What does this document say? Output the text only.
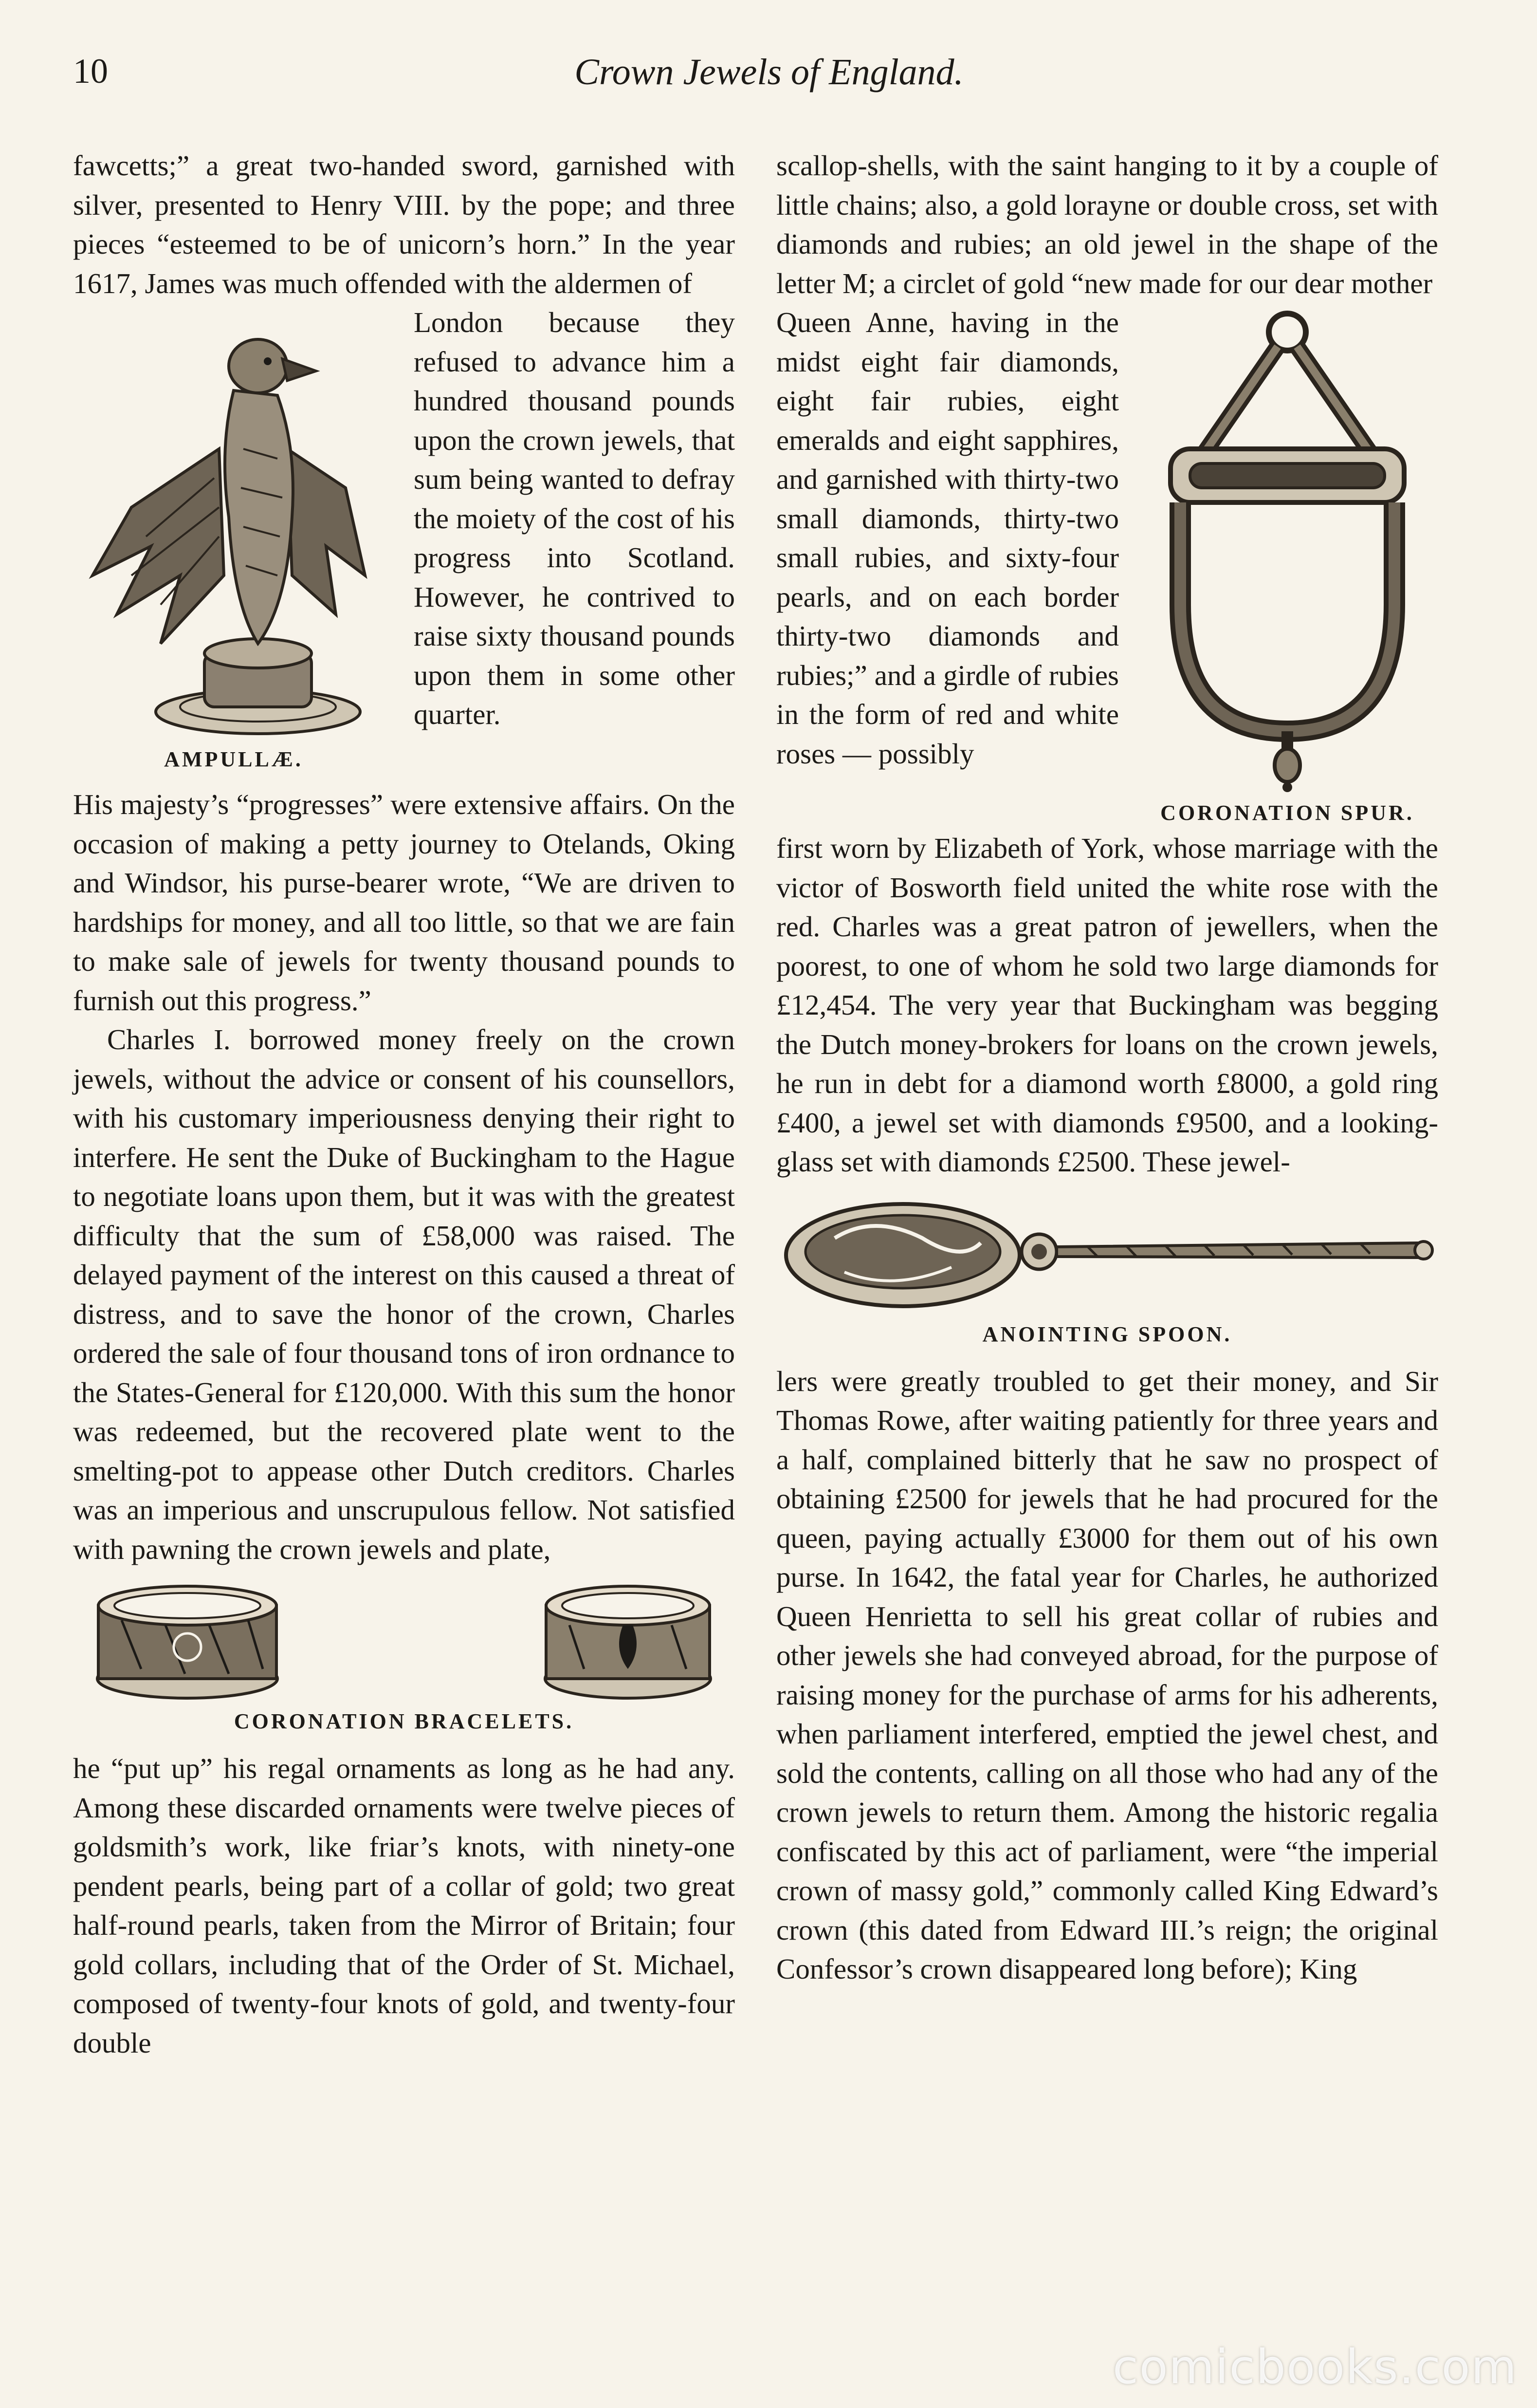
10	Crown Jewels of England.

fawcetts;” a great two-handed sword, garnished with silver, presented to Henry VIII. by the pope; and three pieces “esteemed to be of unicorn’s horn.” In the year 1617, James was much offended with the aldermen of

AMPULLÆ.

London because they refused to advance him a hundred thousand pounds upon the crown jewels, that sum being wanted to defray the moiety of the cost of his progress into Scotland. However, he contrived to raise sixty thousand pounds upon them in some other quarter.

His majesty’s “progresses” were extensive affairs. On the occasion of making a petty journey to Otelands, Oking and Windsor, his purse-bearer wrote, “We are driven to hardships for money, and all too little, so that we are fain to make sale of jewels for twenty thousand pounds to furnish out this progress.”

Charles I. borrowed money freely on the crown jewels, without the advice or consent of his counsellors, with his customary imperiousness denying their right to interfere. He sent the Duke of Buckingham to the Hague to negotiate loans upon them, but it was with the greatest difficulty that the sum of £58,000 was raised. The delayed payment of the interest on this caused a threat of distress, and to save the honor of the crown, Charles ordered the sale of four thousand tons of iron ordnance to the States-General for £120,000. With this sum the honor was redeemed, but the recovered plate went to the smelting-pot to appease other Dutch creditors. Charles was an imperious and unscrupulous fellow. Not satisfied with pawning the crown jewels and plate,

CORONATION BRACELETS.

he “put up” his regal ornaments as long as he had any. Among these discarded ornaments were twelve pieces of goldsmith’s work, like friar’s knots, with ninety-one pendent pearls, being part of a collar of gold; two great half-round pearls, taken from the Mirror of Britain; four gold collars, including that of the Order of St. Michael, composed of twenty-four knots of gold, and twenty-four double

scallop-shells, with the saint hanging to it by a couple of little chains; also, a gold lorayne or double cross, set with diamonds and rubies; an old jewel in the shape of the letter M; a circlet of gold “new made for our dear mother

CORONATION SPUR.

Queen Anne, having in the midst eight fair diamonds, eight fair rubies, eight emeralds and eight sapphires, and garnished with thirty-two small diamonds, thirty-two small rubies, and sixty-four pearls, and on each border thirty-two diamonds and rubies;” and a girdle of rubies in the form of red and white roses — possibly

first worn by Elizabeth of York, whose marriage with the victor of Bosworth field united the white rose with the red. Charles was a great patron of jewellers, when the poorest, to one of whom he sold two large diamonds for £12,454. The very year that Buckingham was begging the Dutch money-brokers for loans on the crown jewels, he run in debt for a diamond worth £8000, a gold ring £400, a jewel set with diamonds £9500, and a looking-glass set with diamonds £2500. These jewel-

ANOINTING SPOON.

lers were greatly troubled to get their money, and Sir Thomas Rowe, after waiting patiently for three years and a half, complained bitterly that he saw no prospect of obtaining £2500 for jewels that he had procured for the queen, paying actually £3000 for them out of his own purse. In 1642, the fatal year for Charles, he authorized Queen Henrietta to sell his great collar of rubies and other jewels she had conveyed abroad, for the purpose of raising money for the purchase of arms for his adherents, when parliament interfered, emptied the jewel chest, and sold the contents, calling on all those who had any of the crown jewels to return them. Among the historic regalia confiscated by this act of parliament, were “the imperial crown of massy gold,” commonly called King Edward’s crown (this dated from Edward III.’s reign; the original Confessor’s crown disappeared long before); King

comicbooks.com
